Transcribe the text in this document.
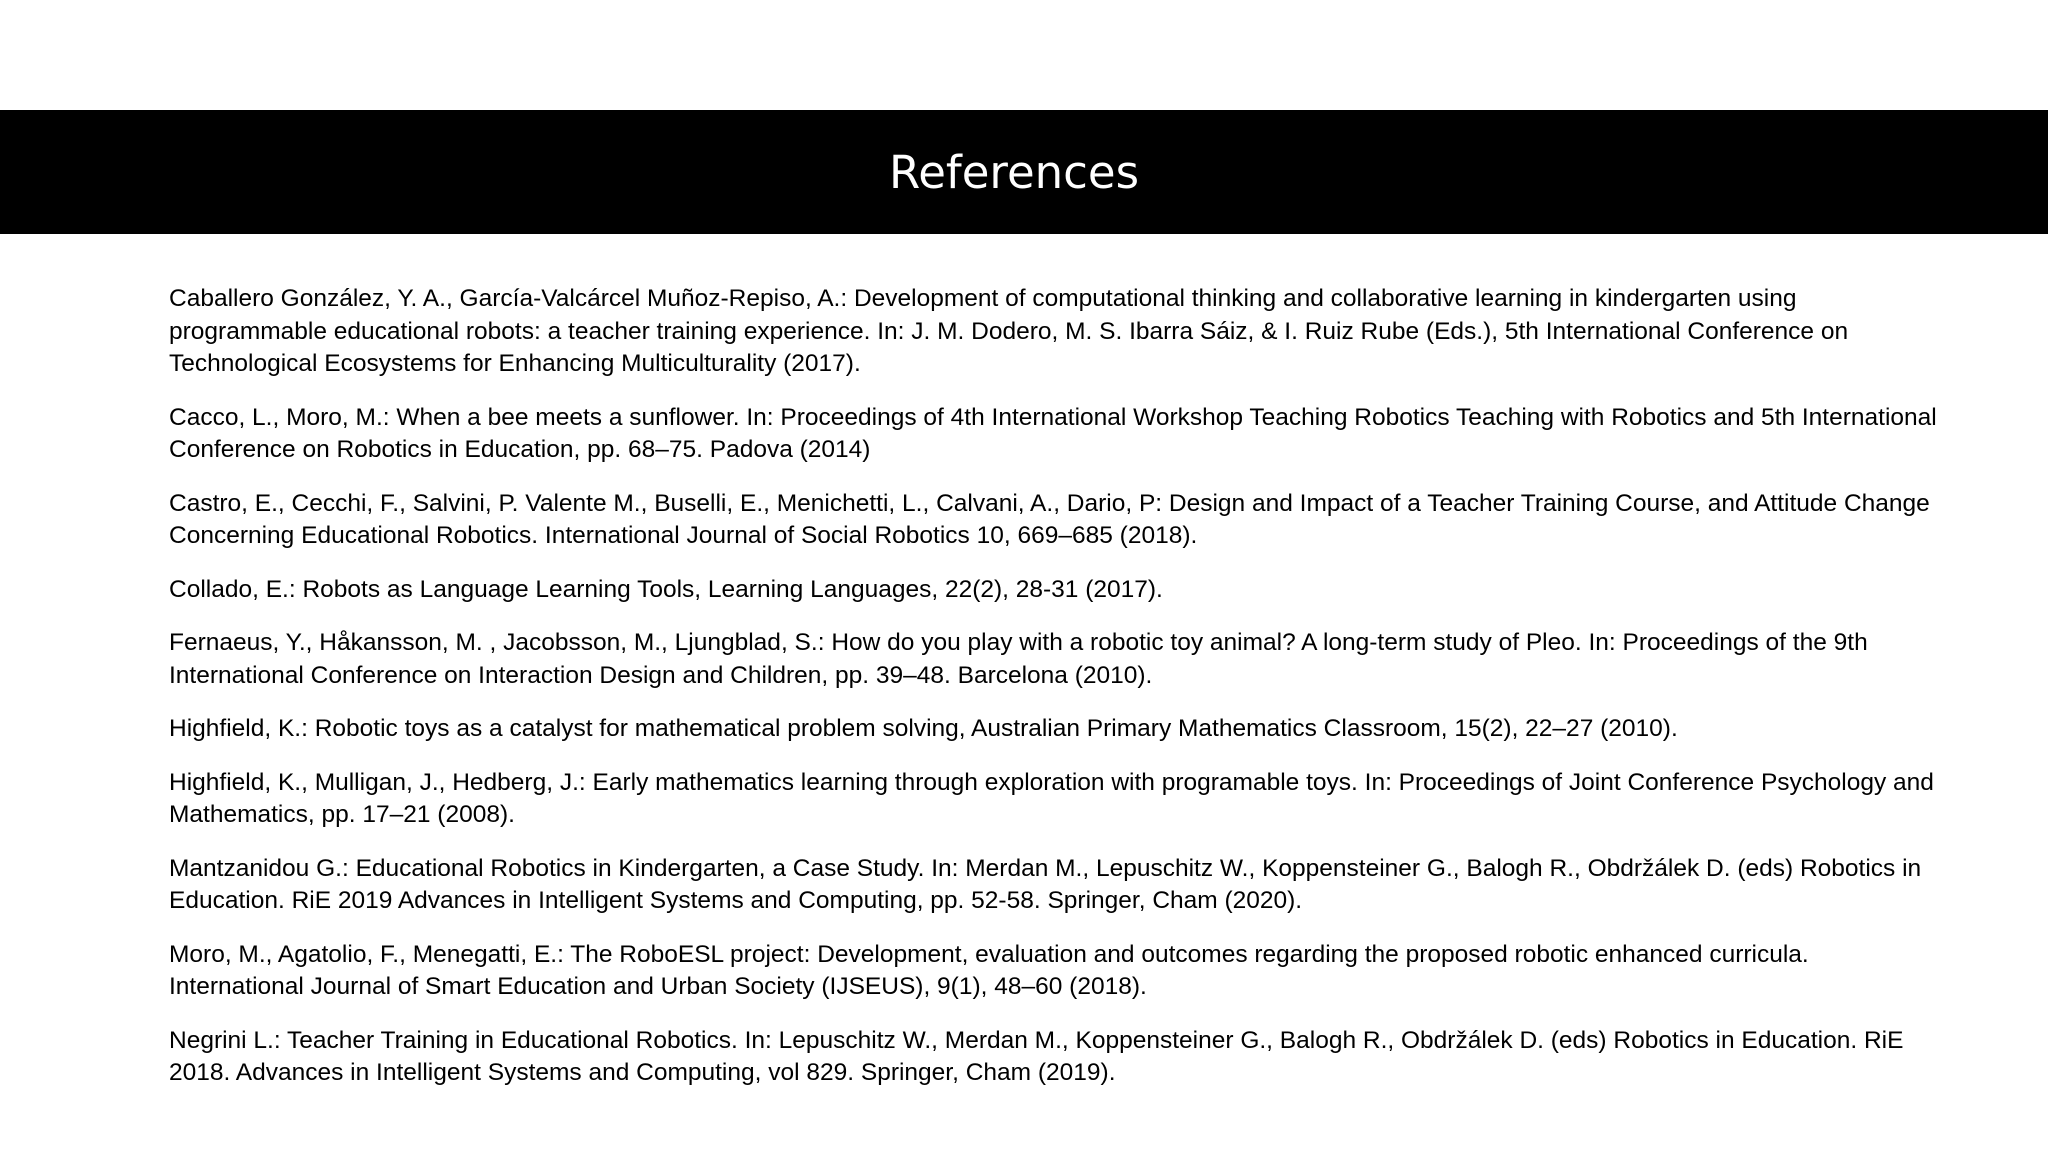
References
Caballero González, Y. A., García-Valcárcel Muñoz-Repiso, A.: Development of computational thinking and collaborative learning in kindergarten using programmable educational robots: a teacher training experience. In: J. M. Dodero, M. S. Ibarra Sáiz, & I. Ruiz Rube (Eds.), 5th International Conference on Technological Ecosystems for Enhancing Multiculturality (2017).
Cacco, L., Moro, M.: When a bee meets a sunflower. In: Proceedings of 4th International Workshop Teaching Robotics Teaching with Robotics and 5th International Conference on Robotics in Education, pp. 68–75. Padova (2014)
Castro, E., Cecchi, F., Salvini, P. Valente M., Buselli, E., Menichetti, L., Calvani, A., Dario, P: Design and Impact of a Teacher Training Course, and Attitude Change Concerning Educational Robotics. International Journal of Social Robotics 10, 669–685 (2018).
Collado, E.: Robots as Language Learning Tools, Learning Languages, 22(2), 28-31 (2017).
Fernaeus, Y., Håkansson, M. , Jacobsson, M., Ljungblad, S.: How do you play with a robotic toy animal? A long-term study of Pleo. In: Proceedings of the 9th International Conference on Interaction Design and Children, pp. 39–48. Barcelona (2010).
Highfield, K.: Robotic toys as a catalyst for mathematical problem solving, Australian Primary Mathematics Classroom, 15(2), 22–27 (2010).
Highfield, K., Mulligan, J., Hedberg, J.: Early mathematics learning through exploration with programable toys. In: Proceedings of Joint Conference Psychology and Mathematics, pp. 17–21 (2008).
Mantzanidou G.: Educational Robotics in Kindergarten, a Case Study. In: Merdan M., Lepuschitz W., Koppensteiner G., Balogh R., Obdržálek D. (eds) Robotics in Education. RiE 2019 Advances in Intelligent Systems and Computing, pp. 52-58. Springer, Cham (2020).
Moro, M., Agatolio, F., Menegatti, E.: The RoboESL project: Development, evaluation and outcomes regarding the proposed robotic enhanced curricula. International Journal of Smart Education and Urban Society (IJSEUS), 9(1), 48–60 (2018).
Negrini L.: Teacher Training in Educational Robotics. In: Lepuschitz W., Merdan M., Koppensteiner G., Balogh R., Obdržálek D. (eds) Robotics in Education. RiE 2018. Advances in Intelligent Systems and Computing, vol 829. Springer, Cham (2019).
